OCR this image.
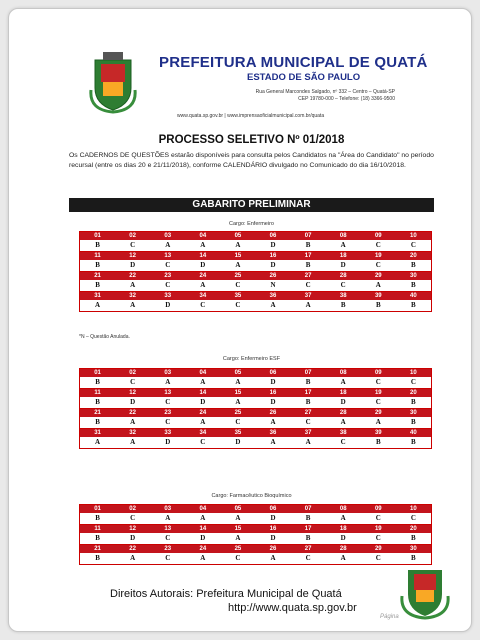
PREFEITURA MUNICIPAL DE QUATÁ
ESTADO DE SÃO PAULO
Rua General Marcondes Salgado, nº 332 – Centro – Quatá-SP
CEP 19780-000 – Telefone: (18) 3366-9500
www.quata.sp.gov.br | www.imprensaoficialmunicipal.com.br/quata
PROCESSO SELETIVO Nº 01/2018
Os CADERNOS DE QUESTÕES estarão disponíveis para consulta pelos Candidatos na "Área do Candidato" no período recursal (entre os dias 20 e 21/11/2018), conforme CALENDÁRIO divulgado no Comunicado do dia 16/10/2018.
GABARITO PRELIMINAR
Cargo: Enfermeiro
01	02	03	04	05	06	07	08	09	10
B	C	A	A	A	D	B	A	C	C
11	12	13	14	15	16	17	18	19	20
B	D	C	D	A	D	B	D	C	B
21	22	23	24	25	26	27	28	29	30
B	A	C	A	C	N	C	C	A	B
31	32	33	34	35	36	37	38	39	40
A	A	D	C	C	A	A	B	B	B
*N – Questão Anulada.
Cargo: Enfermeiro ESF
01	02	03	04	05	06	07	08	09	10
B	C	A	A	A	D	B	A	C	C
11	12	13	14	15	16	17	18	19	20
B	D	C	D	A	D	B	D	C	B
21	22	23	24	25	26	27	28	29	30
B	A	C	A	C	A	C	A	A	B
31	32	33	34	35	36	37	38	39	40
A	A	D	C	D	A	A	C	B	B
Cargo: Farmacêutico Bioquímico
01	02	03	04	05	06	07	08	09	10
B	C	A	A	A	D	B	A	C	C
11	12	13	14	15	16	17	18	19	20
B	D	C	D	A	D	B	D	C	B
21	22	23	24	25	26	27	28	29	30
B	A	C	A	C	A	C	A	C	B
Direitos Autorais: Prefeitura Municipal de Quatá
http://www.quata.sp.gov.br
Página
